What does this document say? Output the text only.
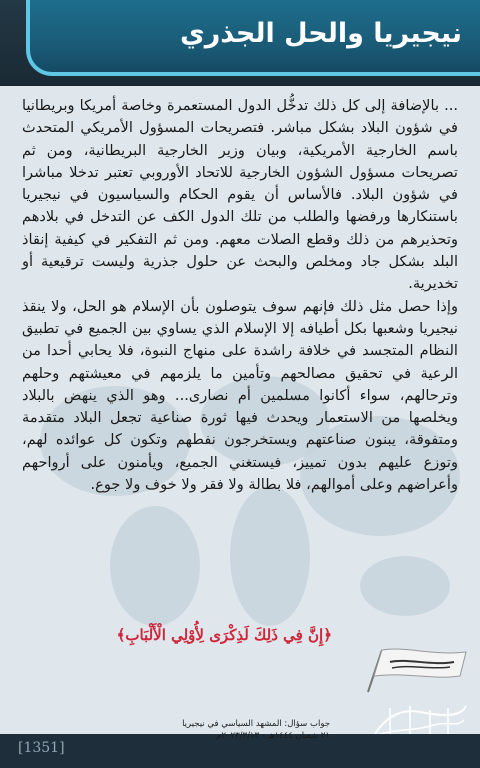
نيجيريا والحل الجذري
... بالإضافة إلى كل ذلك تدخُّل الدول المستعمرة وخاصة أمريكا وبريطانيا في شؤون البلاد بشكل مباشر. فتصريحات المسؤول الأمريكي المتحدث باسم الخارجية الأمريكية، وبيان وزير الخارجية البريطانية، ومن ثم تصريحات مسؤول الشؤون الخارجية للاتحاد الأوروبي تعتبر تدخلا مباشرا في شؤون البلاد. فالأساس أن يقوم الحكام والسياسيون في نيجيريا باستنكارها ورفضها والطلب من تلك الدول الكف عن التدخل في بلادهم وتحذيرهم من ذلك وقطع الصلات معهم. ومن ثم التفكير في كيفية إنقاذ البلد بشكل جاد ومخلص والبحث عن حلول جذرية وليست ترقيعية أو تخديرية.
وإذا حصل مثل ذلك فإنهم سوف يتوصلون بأن الإسلام هو الحل، ولا ينقذ نيجيريا وشعبها بكل أطيافه إلا الإسلام الذي يساوي بين الجميع في تطبيق النظام المتجسد في خلافة راشدة على منهاج النبوة، فلا يحابي أحدا من الرعية في تحقيق مصالحهم وتأمين ما يلزمهم في معيشتهم وحلهم وترحالهم، سواء أكانوا مسلمين أم نصارى... وهو الذي ينهض بالبلاد ويخلصها من الاستعمار ويحدث فيها ثورة صناعية تجعل البلاد متقدمة ومتفوقة، يبنون صناعتهم ويستخرجون نفطهم وتكون كل عوائده لهم، وتوزع عليهم بدون تمييز، فيستغني الجميع، ويأمنون على أرواحهم وأعراضهم وعلى أموالهم، فلا بطالة ولا فقر ولا خوف ولا جوع.
﴿إِنَّ فِي ذَلِكَ لَذِكْرَى لِأُوْلِي الْأَلْبَابِ﴾
جواب سؤال: المشهد السياسي في نيجيريا
٢١ شعبان ١٤٤٤هـ - ٢٠٢٣/٣/١٣م
[1351]
